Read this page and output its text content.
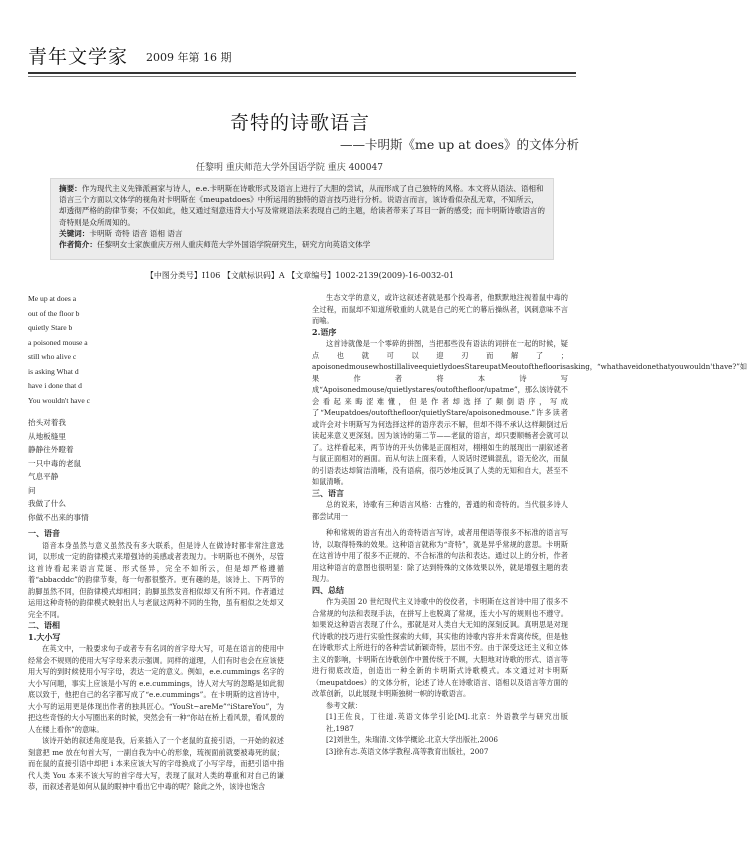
青年文学家 2009 年第 16 期
奇特的诗歌语言
——卡明斯《me up at does》的文体分析
任黎明 重庆师范大学外国语学院 重庆 400047

摘要：作为现代主义先锋派画家与诗人，e.e.卡明斯在诗歌形式及语言上进行了大胆的尝试，从而形成了自己独特的风格。本文将从语法、语相和语言三个方面以文体学的视角对卡明斯在《meupatdoes》中所运用的独特的语言技巧进行分析。说语言而言，该诗看似杂乱无章，不知所云，却透彻严格的韵律节奏；不仅如此，他又通过刻意违背大小写及常规语法来表现自己的主题，给读者带来了耳目一新的感受；而卡明斯诗歌语言的奇特则是众所周知的。

关键词：卡明斯 奇特 语音 语相 语言

作者简介：任黎明女士家族重庆万州人重庆师范大学外国语学院研究生，研究方向英语文体学

【中图分类号】I106 【文献标识码】A 【文章编号】1002-2139(2009)-16-0032-01
Me up at does a
out of the floor b
quietly Stare b
a poisoned mouse a
still who alive c
is asking What d
have i done that d
You wouldn't have c
抬头对着我
从地板缝里
静静往外瞪着
一只中毒的老鼠
气息平静
问
我做了什么
你做不出来的事情

一、语音

语音本身虽然与意义虽然没有多大联系，但是诗人在做诗时都非常注意选词，以形成一定的韵律模式来增强诗的美感或者表现力。卡明斯也不例外，尽管这首诗看起来语言荒诞、形式怪异，完全不如所云，但是却严格遵循着“abbacddc”的韵律节奏，每一句都很整齐。更有趣的是，该诗上、下两节的韵脚虽然不同，但韵律模式却相同；韵脚虽然发音相似却又有所不同。作者通过运用这种奇特的韵律模式映射出人与老鼠这两种不同的生物，虽有相似之处却又完全不同。

二、语相

1.大小写

在英文中，一般要求句子或者专有名词的首字母大写，可是在语言的使用中经常会不规则的使用大写字母来表示强调。同样的道理，人们有时也会在应该使用大写的到时候使用小写字母，表达一定的意义。例如，e.e.cummings 名字的大小写问题，事实上应该是小写的 e.e.cummings，诗人对大写的忽略是如此彻底以致于，他把自己的名字都写成了“e.e.cummings”。在卡明斯的这首诗中，大小写的运用更是体现出作者的独具匠心。“YouSt~areMe”“iStareYou”，为把这些奇怪的大小写圈出来的时候，突然会有一种“你站在桥上看风景，看风景的人在楼上看你”的意味。

该诗开始的叙述角度是我，后来插入了一个老鼠的直接引语，一开始的叙述刻意把 me 放在句首大写，一副自我为中心的形象，琉视面前就要被毒死的鼠；而在鼠的直接引语中却把 i 本来应该大写的字母换成了小写字母，而把引语中指代人类 You 本来不该大写的首字母大写，表现了鼠对人类的尊重和对自己的谦恭，而叙述者是如何从鼠的眼神中看出它中毒的呢？除此之外，该诗也饱含

生态文学的意义，或许这叙述者就是那个投毒者，他默默地注视着鼠中毒的全过程，而鼠却不知道所敬重的人就是自己的死亡的幕后操纵者，讽刺意味不言而喻。

2.语序

这首诗就像是一个零碎的拼图，当把那些没有语法的词拼在一起的时候，疑点也就可以迎刃而解了；apoisonedmousewhostillaliveequietlydoesStareupatMeoutofthefloorisasking，“whathaveidonethatyouwouldn'thave?”如果作者将本诗写成“Apoisonedmouse/quietlystares/outofthefloor/upatme”，那么该诗就不会看起来晦涩难懂，但是作者却选择了颠倒语序，写成了“Meupatdoes/outofthefloor/quietlyStare/apoisonedmouse.”许多读者或许会对卡明斯写为何选择这样的语序表示不解，但却不得不承认这样颠倒过后读起来意义更深刻。因为该诗的第二节——老鼠的语言，却只要顺畅者会就可以了。这样看起来，两节诗的开头仿佛是正面相对，栩栩如生的展现出一副叙述者与鼠正面相对的画面。而从句法上面来看，人说话时逻辑混乱，语无伦次，而鼠的引语表达却简洁清晰，没有语病，很巧妙地反讽了人类的无知和自大，甚至不如鼠清晰。

三、语言

总的说来，诗歌有三种语言风格：古雅的，普通的和奇特的。当代很多诗人都尝试用一

种和常规的语言有出入的奇特语言写诗，或者用俚语等很多不标准的语言写诗，以取得特殊的效果。这种语言就称为“奇特”，就是异乎常规的意思。卡明斯在这首诗中用了很多不正规的、不合标准的句法和表达。通过以上的分析，作者用这种语言的意图也很明显：除了达到特殊的文体效果以外，就是增强主题的表现力。

四、总结

作为美国 20 世纪现代主义诗歌中的佼佼者，卡明斯在这首诗中用了很多不合常规的句法和表现手法，在拼写上也脱离了常规，连大小写的规则也不遵守。如果说这种语言表现了什么，那就是对人类自大无知的深刻反讽。真明思是对现代诗歌的技巧进行实验性探索的大师，其实他的诗歌内容并未背离传统，但是他在诗歌形式上所进行的各种尝试新颖奇特，层出不穷。由于深受这还主义和立体主义的影响，卡明斯在诗歌创作中置传统于不顾，大胆地对诗歌的形式、语言等进行彻底改造，创造出一种全新的卡明斯式诗歌模式。本文通过对卡明斯（meupatdoes）的文体分析，论述了诗人在诗歌语言、语相以及语言等方面的改革创新，以此展现卡明斯独树一帜的诗歌语言。

参考文献：

[1]王佐良，丁往道.英语文体学引论[M].北京：外语教学与研究出版社,1987

[2]刘世生，朱瑞清.文体学概论.北京大学出版社,2006

[3]徐有志.英语文体学教程.高等教育出版社，2007
